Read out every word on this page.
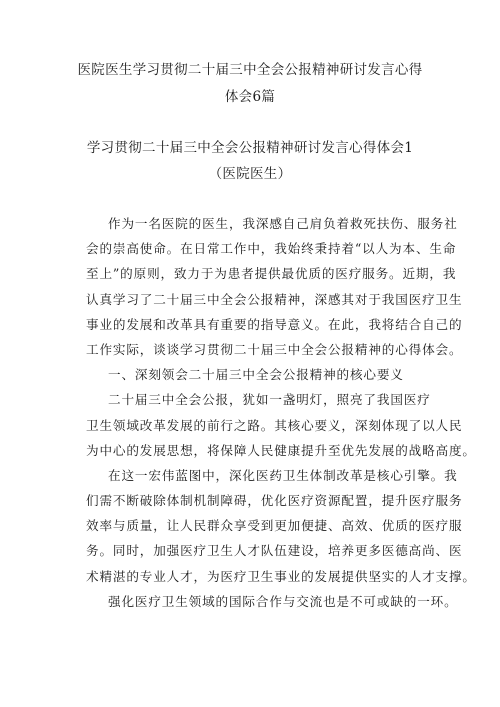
医院医生学习贯彻二十届三中全会公报精神研讨发言心得
体会6篇
学习贯彻二十届三中全会公报精神研讨发言心得体会1
（医院医生）
作为一名医院的医生，我深感自己肩负着救死扶伤、服务社
会的崇高使命。在日常工作中，我始终秉持着“以人为本、生命
至上”的原则，致力于为患者提供最优质的医疗服务。近期，我
认真学习了二十届三中全会公报精神，深感其对于我国医疗卫生
事业的发展和改革具有重要的指导意义。在此，我将结合自己的
工作实际，谈谈学习贯彻二十届三中全会公报精神的心得体会。
一、深刻领会二十届三中全会公报精神的核心要义
二十届三中全会公报，犹如一盏明灯，照亮了我国医疗
卫生领域改革发展的前行之路。其核心要义，深刻体现了以人民
为中心的发展思想，将保障人民健康提升至优先发展的战略高度。
在这一宏伟蓝图中，深化医药卫生体制改革是核心引擎。我
们需不断破除体制机制障碍，优化医疗资源配置，提升医疗服务
效率与质量，让人民群众享受到更加便捷、高效、优质的医疗服
务。同时，加强医疗卫生人才队伍建设，培养更多医德高尚、医
术精湛的专业人才，为医疗卫生事业的发展提供坚实的人才支撑。
强化医疗卫生领域的国际合作与交流也是不可或缺的一环。
